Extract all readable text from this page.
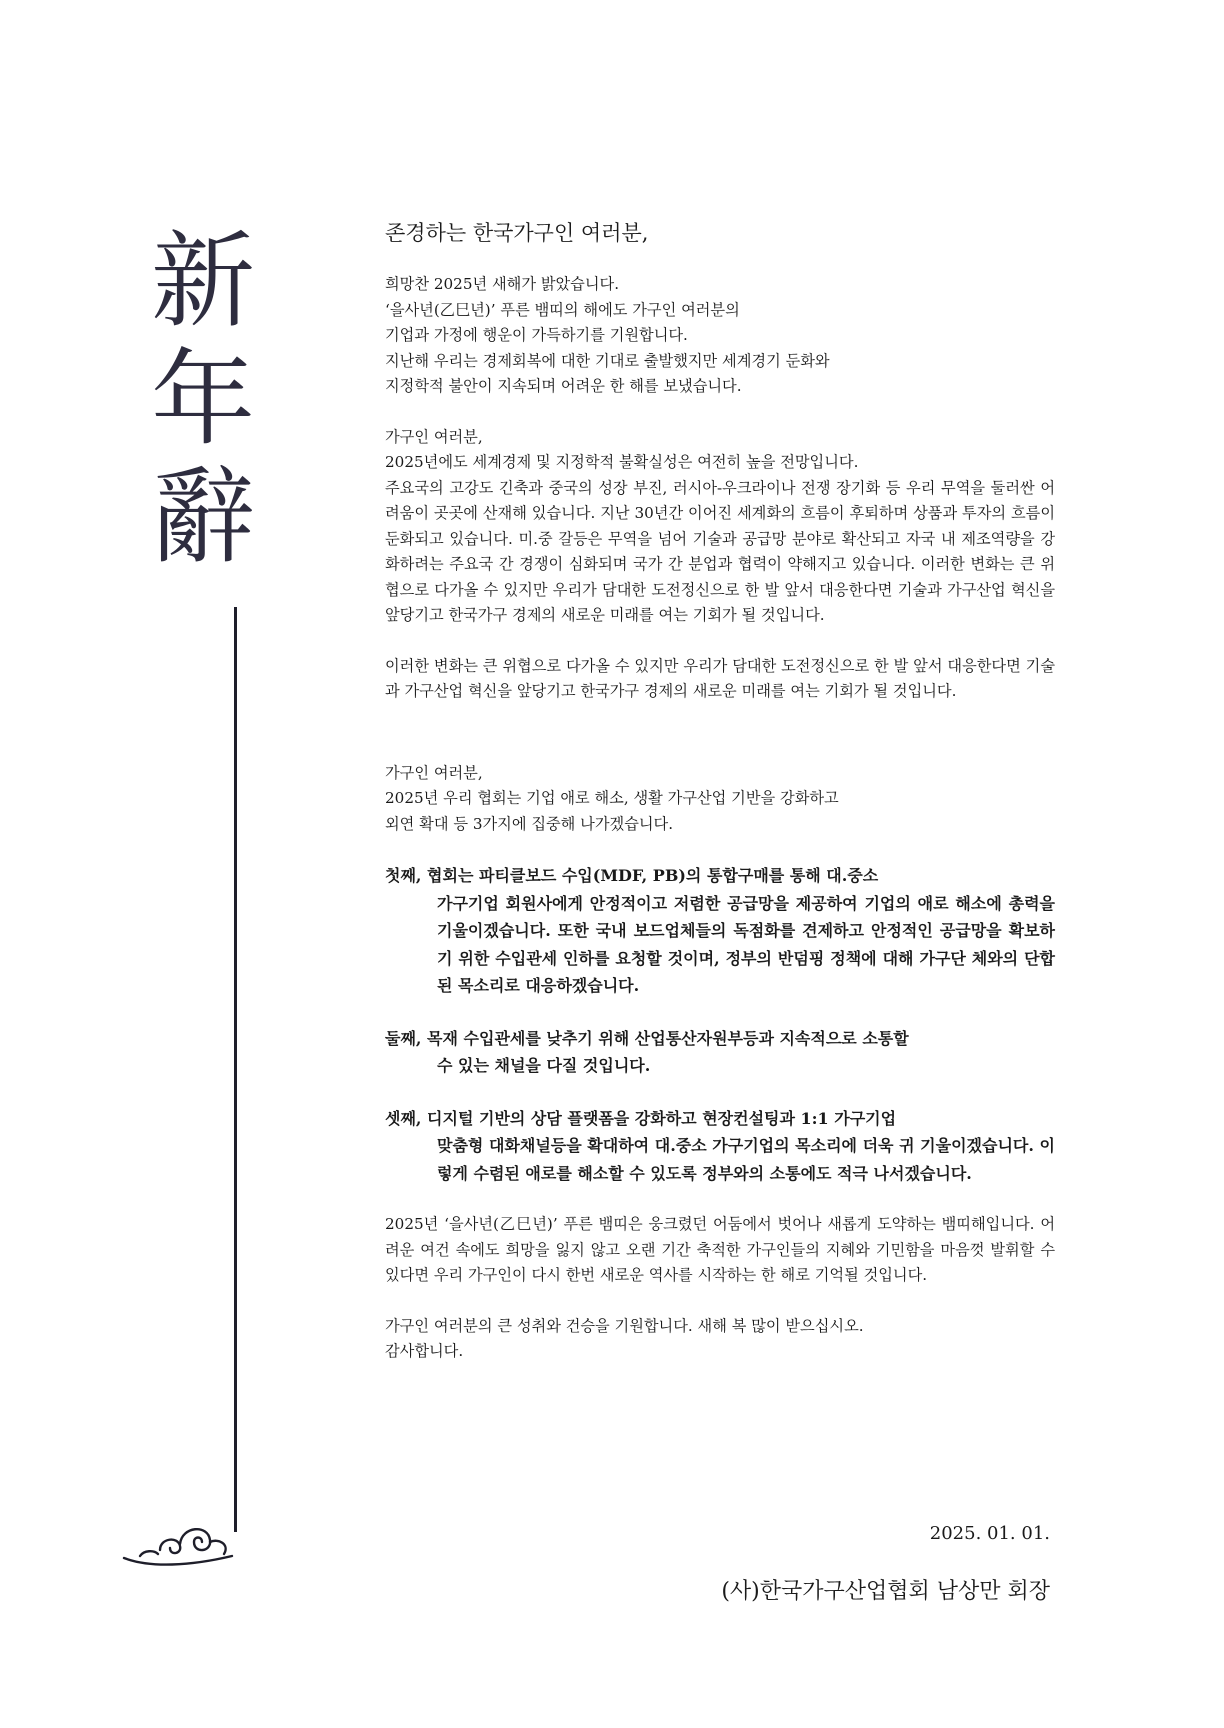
新
年
辭
존경하는 한국가구인 여러분,
희망찬 2025년 새해가 밝았습니다.
‘을사년(乙巳년)’ 푸른 뱀띠의 해에도 가구인 여러분의
기업과 가정에 행운이 가득하기를 기원합니다.
지난해 우리는 경제회복에 대한 기대로 출발했지만 세계경기 둔화와
지정학적 불안이 지속되며 어려운 한 해를 보냈습니다.
가구인 여러분,
2025년에도 세계경제 및 지정학적 불확실성은 여전히 높을 전망입니다.
주요국의 고강도 긴축과 중국의 성장 부진, 러시아-우크라이나 전쟁 장기화 등 우리 무역을 둘러싼 어려움이 곳곳에 산재해 있습니다. 지난 30년간 이어진 세계화의 흐름이 후퇴하며 상품과 투자의 흐름이 둔화되고 있습니다. 미.중 갈등은 무역을 넘어 기술과 공급망 분야로 확산되고 자국 내 제조역량을 강화하려는 주요국 간 경쟁이 심화되며 국가 간 분업과 협력이 약해지고 있습니다. 이러한 변화는 큰 위협으로 다가올 수 있지만 우리가 담대한 도전정신으로 한 발 앞서 대응한다면 기술과 가구산업 혁신을 앞당기고 한국가구 경제의 새로운 미래를 여는 기회가 될 것입니다.
이러한 변화는 큰 위협으로 다가올 수 있지만 우리가 담대한 도전정신으로 한 발 앞서 대응한다면 기술과 가구산업 혁신을 앞당기고 한국가구 경제의 새로운 미래를 여는 기회가 될 것입니다.
가구인 여러분,
2025년 우리 협회는 기업 애로 해소, 생활 가구산업 기반을 강화하고
외연 확대 등 3가지에 집중해 나가겠습니다.
첫째, 협회는 파티클보드 수입(MDF, PB)의 통합구매를 통해 대.중소
가구기업 회원사에게 안정적이고 저렴한 공급망을 제공하여 기업의 애로 해소에 총력을 기울이겠습니다. 또한 국내 보드업체들의 독점화를 견제하고 안정적인 공급망을 확보하기 위한 수입관세 인하를 요청할 것이며, 정부의 반덤핑 정책에 대해 가구단 체와의 단합된 목소리로 대응하겠습니다.
둘째, 목재 수입관세를 낮추기 위해 산업통산자원부등과 지속적으로 소통할
수 있는 채널을 다질 것입니다.
셋째, 디지털 기반의 상담 플랫폼을 강화하고 현장컨설팅과 1:1 가구기업
맞춤형 대화채널등을 확대하여 대.중소 가구기업의 목소리에 더욱 귀 기울이겠습니다. 이렇게 수렴된 애로를 해소할 수 있도록 정부와의 소통에도 적극 나서겠습니다.
2025년 ‘을사년(乙巳년)’ 푸른 뱀띠은 웅크렸던 어둠에서 벗어나 새롭게 도약하는 뱀띠해입니다. 어려운 여건 속에도 희망을 잃지 않고 오랜 기간 축적한 가구인들의 지혜와 기민함을 마음껏 발휘할 수 있다면 우리 가구인이 다시 한번 새로운 역사를 시작하는 한 해로 기억될 것입니다.
가구인 여러분의 큰 성취와 건승을 기원합니다. 새해 복 많이 받으십시오.
감사합니다.
2025. 01. 01.
(사)한국가구산업협회 남상만 회장
